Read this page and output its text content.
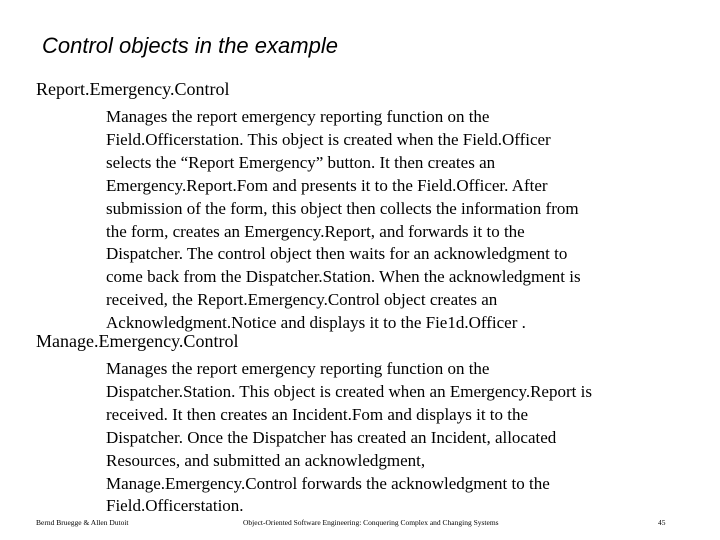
Control objects in the example
Report.Emergency.Control
Manages the report emergency reporting function on the
Field.Officerstation. This object is created when the Field.Officer
selects the “Report Emergency” button. It then creates an
Emergency.Report.Fom and presents it to the Field.Officer. After
submission of the form, this object then collects the information from
the form, creates an Emergency.Report, and forwards it to the
Dispatcher. The control object then waits for an acknowledgment to
come back from the Dispatcher.Station. When the acknowledgment is
received, the Report.Emergency.Control object creates an
Acknowledgment.Notice and displays it to the Fie1d.Officer .
Manage.Emergency.Control
Manages the report emergency reporting function on the
Dispatcher.Station. This object is created when an Emergency.Report is
received. It then creates an Incident.Fom and displays it to the
Dispatcher. Once the Dispatcher has created an Incident, allocated
Resources, and submitted an acknowledgment,
Manage.Emergency.Control forwards the acknowledgment to the
Field.Officerstation.
Bernd Bruegge & Allen Dutoit	Object-Oriented Software Engineering: Conquering Complex and Changing Systems	45
